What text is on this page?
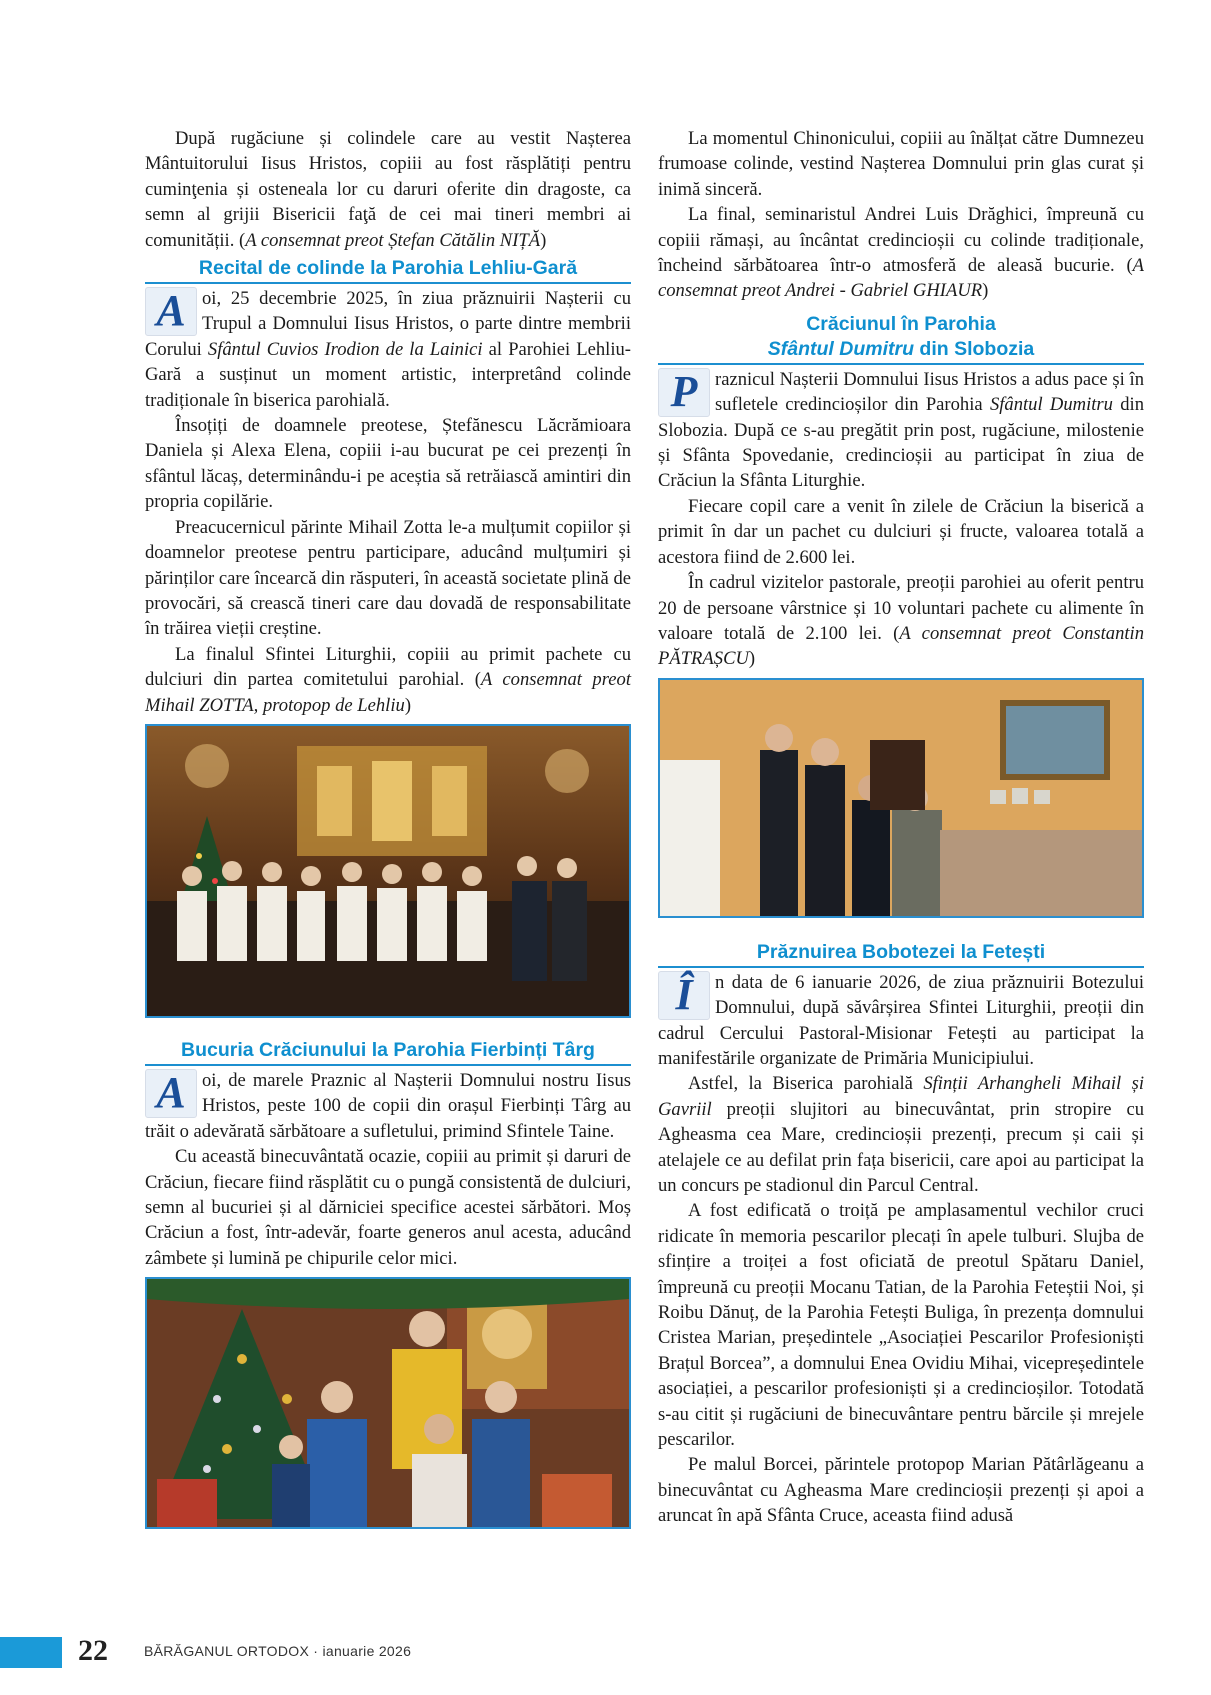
După rugăciune și colindele care au vestit Nașterea Mântuitorului Iisus Hristos, copiii au fost răsplătiți pentru cuminţenia și osteneala lor cu daruri oferite din dragoste, ca semn al grijii Bisericii faţă de cei mai tineri membri ai comunității. (A consemnat preot Ștefan Cătălin NIȚĂ)

Recital de colinde la Parohia Lehliu-Gară
A oi, 25 decembrie 2025, în ziua prăznuirii Nașterii cu Trupul a Domnului Iisus Hristos, o parte dintre membrii Corului Sfântul Cuvios Irodion de la Lainici al Parohiei Lehliu-Gară a susținut un moment artistic, interpretând colinde tradiționale în biserica parohială.

Însoțiți de doamnele preotese, Ștefănescu Lăcrămioara Daniela și Alexa Elena, copiii i-au bucurat pe cei prezenți în sfântul lăcaș, determinându-i pe aceștia să retrăiască amintiri din propria copilărie.

Preacucernicul părinte Mihail Zotta le-a mulțumit copiilor și doamnelor preotese pentru participare, aducând mulțumiri și părinților care încearcă din răsputeri, în această societate plină de provocări, să crească tineri care dau dovadă de responsabilitate în trăirea vieții creștine.

La finalul Sfintei Liturghii, copiii au primit pachete cu dulciuri din partea comitetului parohial. (A consemnat preot Mihail ZOTTA, protopop de Lehliu)

Bucuria Crăciunului la Parohia Fierbinți Târg
A oi, de marele Praznic al Nașterii Domnului nostru Iisus Hristos, peste 100 de copii din orașul Fierbinți Târg au trăit o adevărată sărbătoare a sufletului, primind Sfintele Taine.

Cu această binecuvântată ocazie, copiii au primit și daruri de Crăciun, fiecare fiind răsplătit cu o pungă consistentă de dulciuri, semn al bucuriei și al dărniciei specifice acestei sărbători. Moș Crăciun a fost, într-adevăr, foarte generos anul acesta, aducând zâmbete și lumină pe chipurile celor mici.

La momentul Chinonicului, copiii au înălțat către Dumnezeu frumoase colinde, vestind Nașterea Domnului prin glas curat și inimă sinceră.

La final, seminaristul Andrei Luis Drăghici, împreună cu copiii rămași, au încântat credincioșii cu colinde tradiționale, încheind sărbătoarea într-o atmosferă de aleasă bucurie. (A consemnat preot Andrei - Gabriel GHIAUR)

Crăciunul în Parohia
Sfântul Dumitru din Slobozia
P raznicul Nașterii Domnului Iisus Hristos a adus pace și în sufletele credincioșilor din Parohia Sfântul Dumitru din Slobozia. După ce s-au pregătit prin post, rugăciune, milostenie și Sfânta Spovedanie, credincioșii au participat în ziua de Crăciun la Sfânta Liturghie.

Fiecare copil care a venit în zilele de Crăciun la biserică a primit în dar un pachet cu dulciuri și fructe, valoarea totală a acestora fiind de 2.600 lei.

În cadrul vizitelor pastorale, preoții parohiei au oferit pentru 20 de persoane vârstnice și 10 voluntari pachete cu alimente în valoare totală de 2.100 lei. (A consemnat preot Constantin PĂTRAȘCU)

Prăznuirea Bobotezei la Fetești
Î	n data de 6 ianuarie 2026, de ziua prăznuirii Botezului Domnului, după săvârșirea Sfintei Liturghii, preoții din cadrul Cercului Pastoral-Misionar Fetești au participat la manifestările organizate de Primăria Municipiului.

Astfel, la Biserica parohială Sfinții Arhangheli Mihail și Gavriil preoții slujitori au binecuvântat, prin stropire cu Agheasma cea Mare, credincioșii prezenți, precum și caii și atelajele ce au defilat prin fața bisericii, care apoi au participat la un concurs pe stadionul din Parcul Central.

A fost edificată o troiță pe amplasamentul vechilor cruci ridicate în memoria pescarilor plecați în apele tulburi. Slujba de sfințire a troiței a fost oficiată de preotul Spătaru Daniel, împreună cu preoții Mocanu Tatian, de la Parohia Feteștii Noi, și Roibu Dănuț, de la Parohia Fetești Buliga, în prezența domnului Cristea Marian, președintele „Asociației Pescarilor Profesioniști Brațul Borcea”, a domnului Enea Ovidiu Mihai, vicepreședintele asociației, a pescarilor profesioniști și a credincioșilor. Totodată s-au citit și rugăciuni de binecuvântare pentru bărcile și mrejele pescarilor.

Pe malul Borcei, părintele protopop Marian Pătârlăgeanu a binecuvântat cu Agheasma Mare credincioșii prezenți și apoi a aruncat în apă Sfânta Cruce, aceasta fiind adusă

22	BĂRĂGANUL ORTODOX · ianuarie 2026
